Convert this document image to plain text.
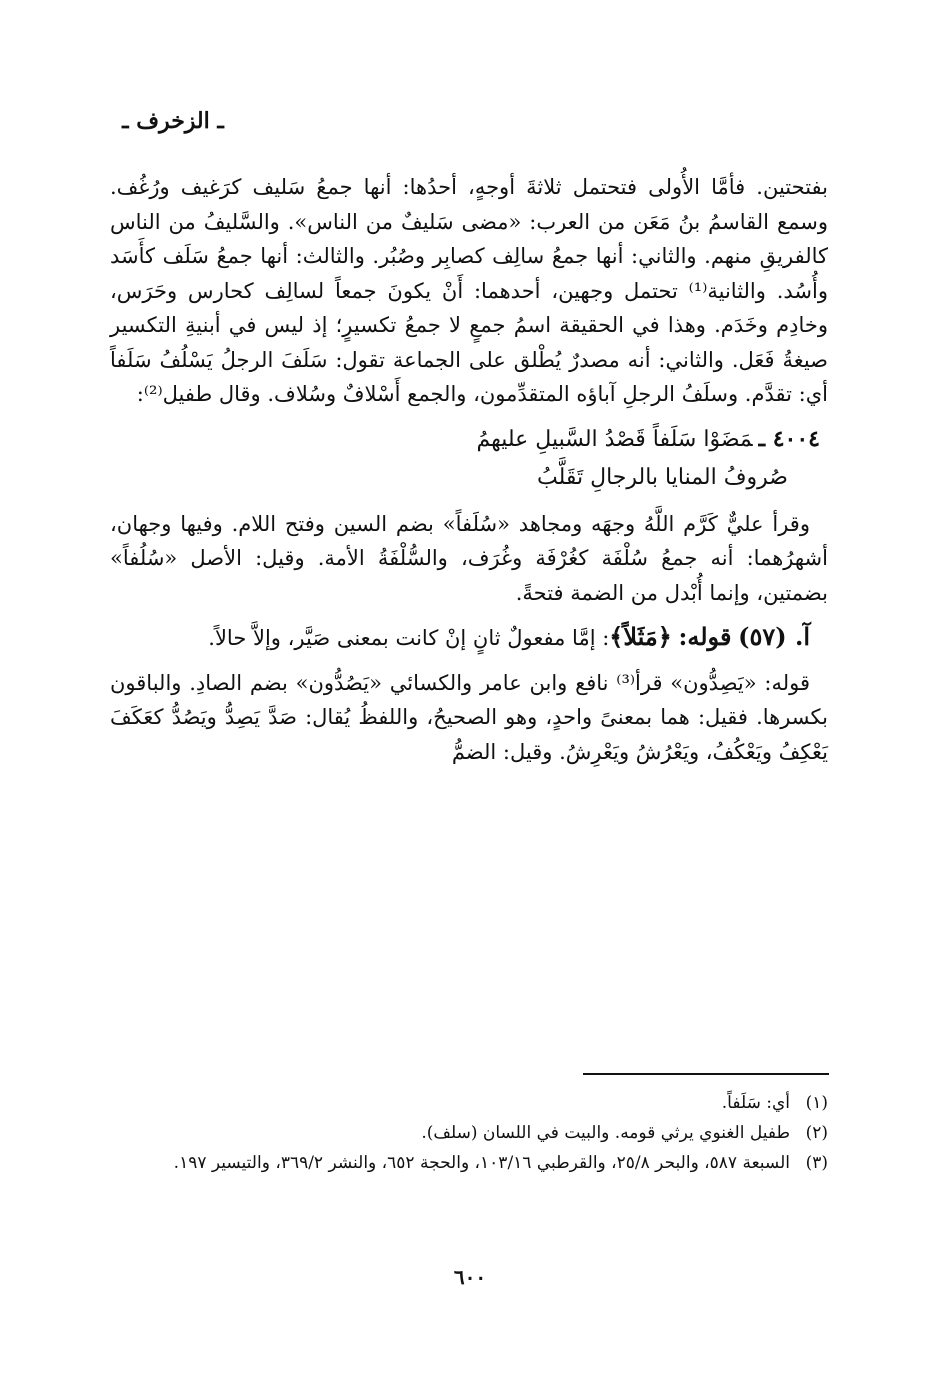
ـ الزخرف ـ

بفتحتين. فأمَّا الأُولى فتحتمل ثلاثةَ أوجهٍ، أحدُها: أنها جمعُ سَليف كرَغيف ورُغُف. وسمع القاسمُ بنُ مَعَن من العرب: «مضى سَليفٌ من الناس». والسَّليفُ من الناس كالفريقِ منهم. والثاني: أنها جمعُ سالِف كصابِر وصُبُر. والثالث: أنها جمعُ سَلَف كأَسَد وأُسُد. والثانية⁽¹⁾ تحتمل وجهين، أحدهما: أَنْ يكونَ جمعاً لسالِف كحارس وحَرَس، وخادِم وخَدَم. وهذا في الحقيقة اسمُ جمعٍ لا جمعُ تكسيرٍ؛ إذ ليس في أبنيةِ التكسير صيغةُ فَعَل. والثاني: أنه مصدرٌ يُطْلق على الجماعة تقول: سَلَفَ الرجلُ يَسْلُفُ سَلَفاً أي: تقدَّم. وسلَفُ الرجلِ آباؤه المتقدِّمون، والجمع أَسْلافٌ وسُلاف. وقال طفيل⁽²⁾:

٤٠٠٤ ـمَضَوْا سَلَفاً قَصْدُ السَّبيلِ عليهمُ
صُروفُ المنايا بالرجالِ تَقَلَّبُ

وقرأ عليٌّ كَرَّم اللَّهُ وجهَه ومجاهد «سُلَفاً» بضم السين وفتح اللام. وفيها وجهان، أشهرُهما: أنه جمعُ سُلْفَة كغُرْفَة وغُرَف، والسُّلْفَةُ الأمة. وقيل: الأصل «سُلُفاً» بضمتين، وإنما أُبْدل من الضمة فتحةً.

آ. (٥٧) قوله: ﴿مَثَلاً﴾: إمَّا مفعولٌ ثانٍ إنْ كانت بمعنى صَيَّر، وإلاَّ حالاً.

قوله: «يَصِدُّون» قرأ⁽³⁾ نافع وابن عامر والكسائي «يَصُدُّون» بضم الصادِ. والباقون بكسرها. فقيل: هما بمعنىً واحدٍ، وهو الصحيحُ، واللفظُ يُقال: صَدَّ يَصِدُّ ويَصُدُّ كعَكَفَ يَعْكِفُ ويَعْكُفُ، ويَعْرُشُ ويَعْرِشُ. وقيل: الضمُّ

(١)
أي: سَلَفاً.
(٢)
طفيل الغنوي يرثي قومه. والبيت في اللسان (سلف).
(٣)
السبعة ٥٨٧، والبحر ٢٥/٨، والقرطبي ١٠٣/١٦، والحجة ٦٥٢، والنشر ٣٦٩/٢، والتيسير ١٩٧.
٦٠٠
